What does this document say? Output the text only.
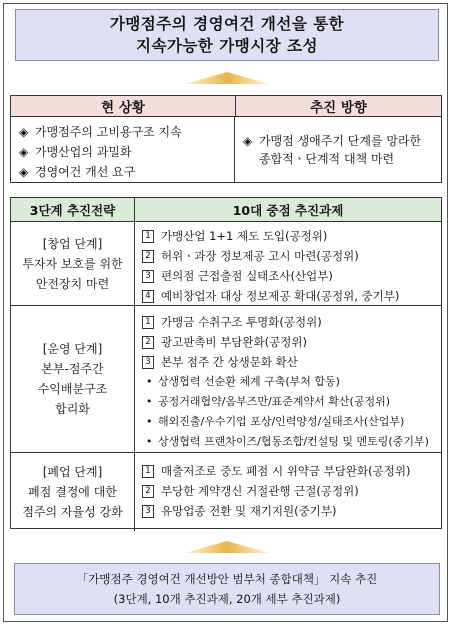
가맹점주의 경영여건 개선을 통한
지속가능한 가맹시장 조성
현 상황	추진 방향
◈ 가맹점주의 고비용구조 지속
◈ 가맹산업의 과밀화
◈ 경영여건 개선 요구
◈ 가맹점 생애주기 단계를 망라한
종합적ㆍ단계적 대책 마련
3단계 추진전략	10대 중점 추진과제
[창업 단계]
투자자 보호를 위한
안전장치 마련
1 가맹산업 1+1 제도 도입(공정위)
2 허위ㆍ과장 정보제공 고시 마련(공정위)
3 편의점 근접출점 실태조사(산업부)
4 예비창업자 대상 정보제공 확대(공정위, 중기부)
[운영 단계]
본부-점주간
수익배분구조
합리화
1 가맹금 수취구조 투명화(공정위)
2 광고판촉비 부담완화(공정위)
3 본부 점주 간 상생문화 확산
• 상생협력 선순환 체계 구축(부처 합동)
• 공정거래협약/옴부즈만/표준계약서 확산(공정위)
• 해외진출/우수기업 포상/인력양성/실태조사(산업부)
• 상생협력 프랜차이즈/협동조합/컨설팅 및 멘토링(중기부)
[폐업 단계]
폐점 결정에 대한
점주의 자율성 강화
1 매출저조로 중도 폐점 시 위약금 부담완화(공정위)
2 부당한 계약갱신 거절관행 근절(공정위)
3 유망업종 전환 및 재기지원(중기부)
「가맹점주 경영여건 개선방안 범부처 종합대책」 지속 추진
(3단계, 10개 추진과제, 20개 세부 추진과제)
